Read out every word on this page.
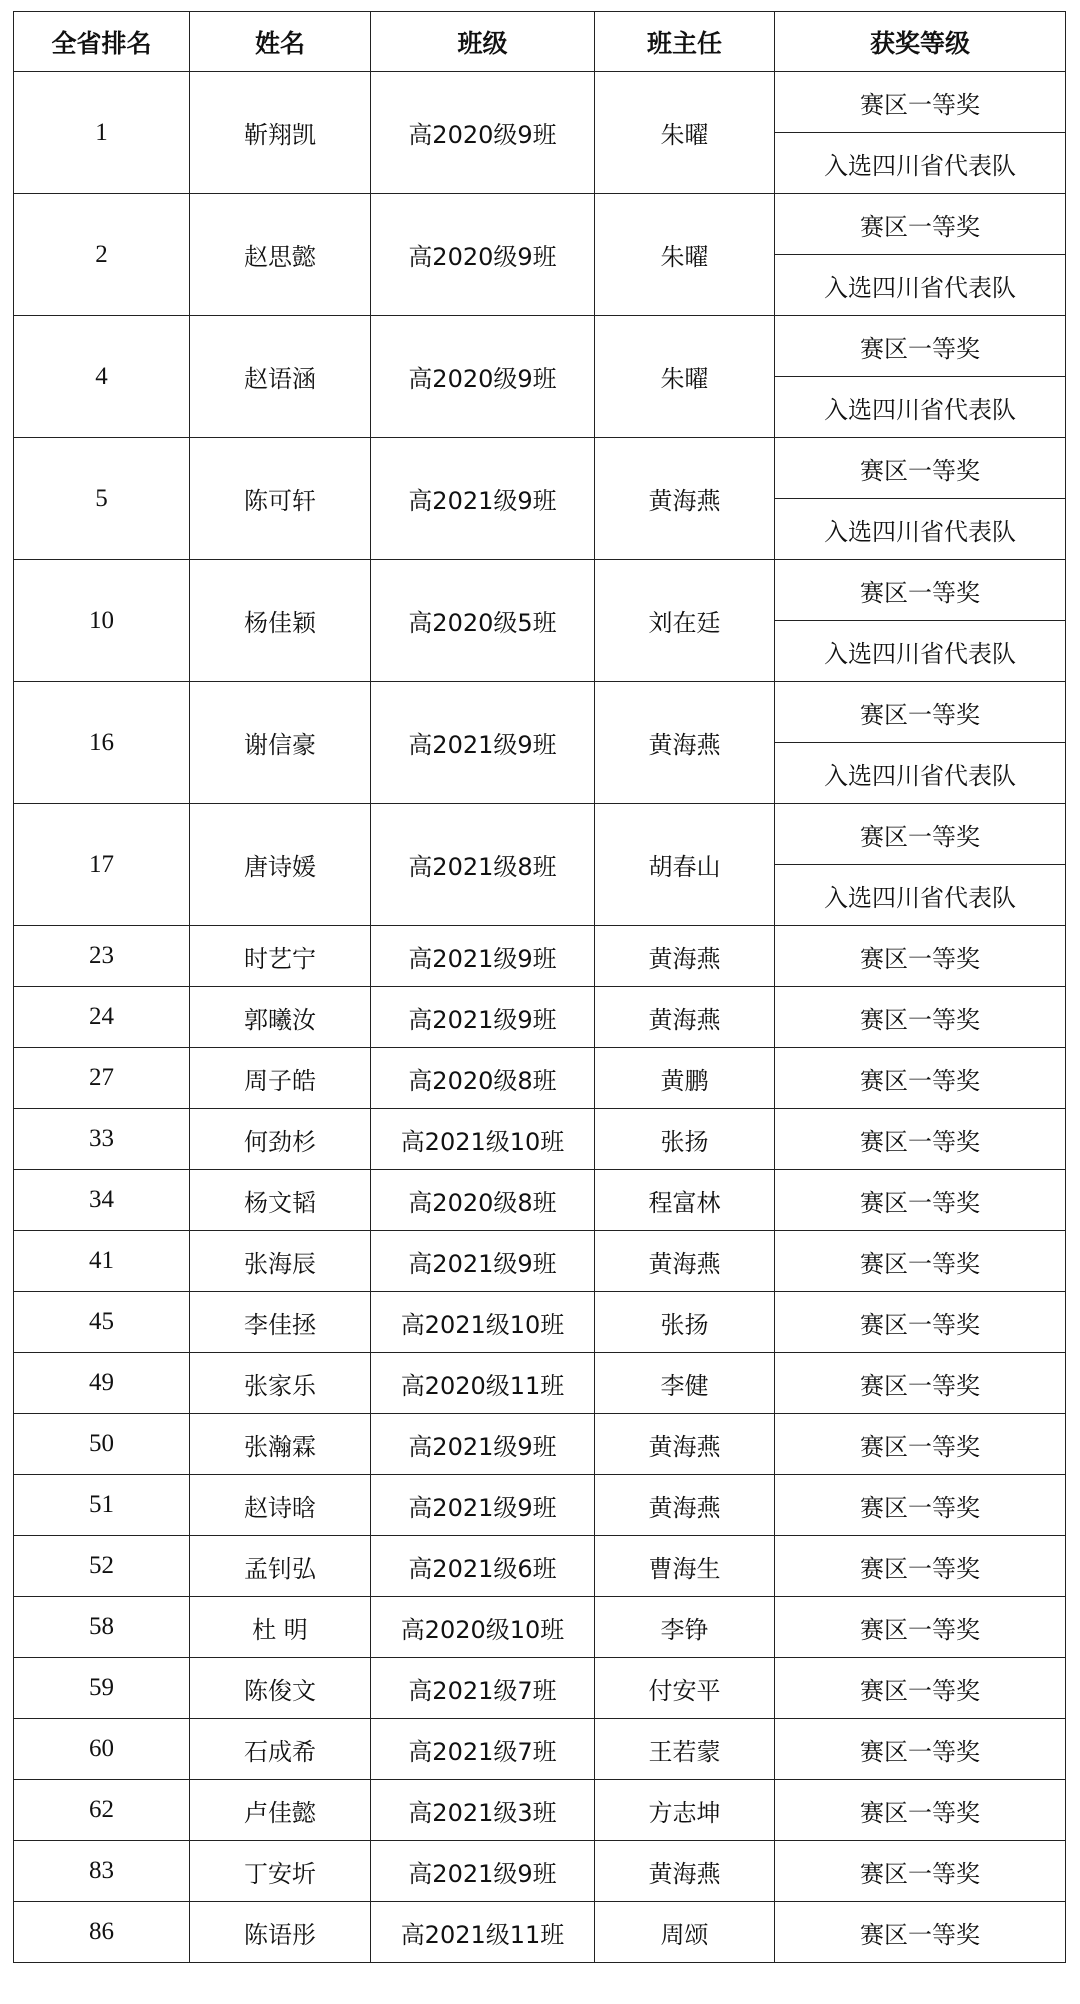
全省排名	姓名	班级	班主任	获奖等级
1	靳翔凯	高2020级9班	朱曜	赛区一等奖
				入选四川省代表队
2	赵思懿	高2020级9班	朱曜	赛区一等奖
				入选四川省代表队
4	赵语涵	高2020级9班	朱曜	赛区一等奖
				入选四川省代表队
5	陈可轩	高2021级9班	黄海燕	赛区一等奖
				入选四川省代表队
10	杨佳颖	高2020级5班	刘在廷	赛区一等奖
				入选四川省代表队
16	谢信豪	高2021级9班	黄海燕	赛区一等奖
				入选四川省代表队
17	唐诗媛	高2021级8班	胡春山	赛区一等奖
				入选四川省代表队
23	时艺宁	高2021级9班	黄海燕	赛区一等奖
24	郭曦汝	高2021级9班	黄海燕	赛区一等奖
27	周子皓	高2020级8班	黄鹏	赛区一等奖
33	何劲杉	高2021级10班	张扬	赛区一等奖
34	杨文韬	高2020级8班	程富林	赛区一等奖
41	张海辰	高2021级9班	黄海燕	赛区一等奖
45	李佳拯	高2021级10班	张扬	赛区一等奖
49	张家乐	高2020级11班	李健	赛区一等奖
50	张瀚霖	高2021级9班	黄海燕	赛区一等奖
51	赵诗晗	高2021级9班	黄海燕	赛区一等奖
52	孟钊弘	高2021级6班	曹海生	赛区一等奖
58	杜 明	高2020级10班	李铮	赛区一等奖
59	陈俊文	高2021级7班	付安平	赛区一等奖
60	石成希	高2021级7班	王若蒙	赛区一等奖
62	卢佳懿	高2021级3班	方志坤	赛区一等奖
83	丁安圻	高2021级9班	黄海燕	赛区一等奖
86	陈语彤	高2021级11班	周颂	赛区一等奖
